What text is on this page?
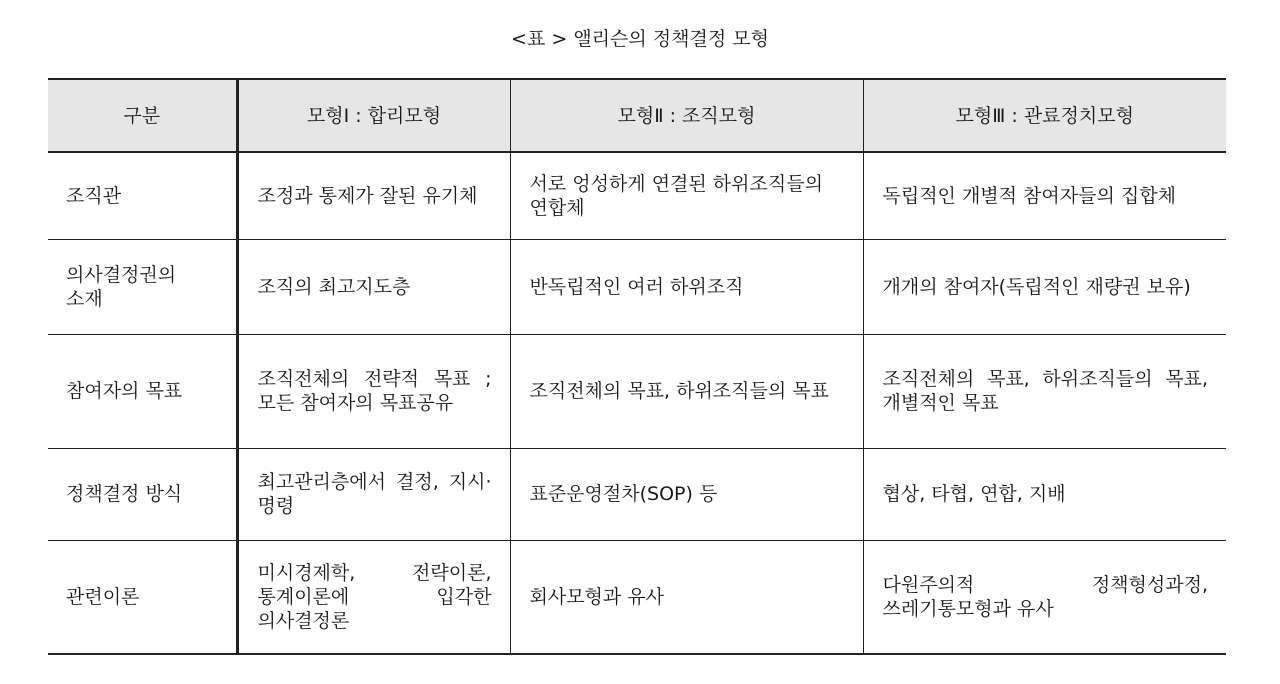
<표 > 앨리슨의 정책결정 모형
구분	모형Ⅰ : 합리모형	모형Ⅱ : 조직모형	모형Ⅲ : 관료정치모형
조직관	조정과 통제가 잘된 유기체	서로 엉성하게 연결된 하위조직들의 연합체	독립적인 개별적 참여자들의 집합체
의사결정권의 소재	조직의 최고지도층	반독립적인 여러 하위조직	개개의 참여자(독립적인 재량권 보유)
참여자의 목표	조직전체의 전략적 목표 ; 모든 참여자의 목표공유	조직전체의 목표, 하위조직들의 목표	조직전체의 목표, 하위조직들의 목표, 개별적인 목표
정책결정 방식	최고관리층에서 결정, 지시·명령	표준운영절차(SOP) 등	협상, 타협, 연합, 지배
관련이론	미시경제학, 전략이론, 통계이론에 입각한 의사결정론	회사모형과 유사	다원주의적 정책형성과정, 쓰레기통모형과 유사
